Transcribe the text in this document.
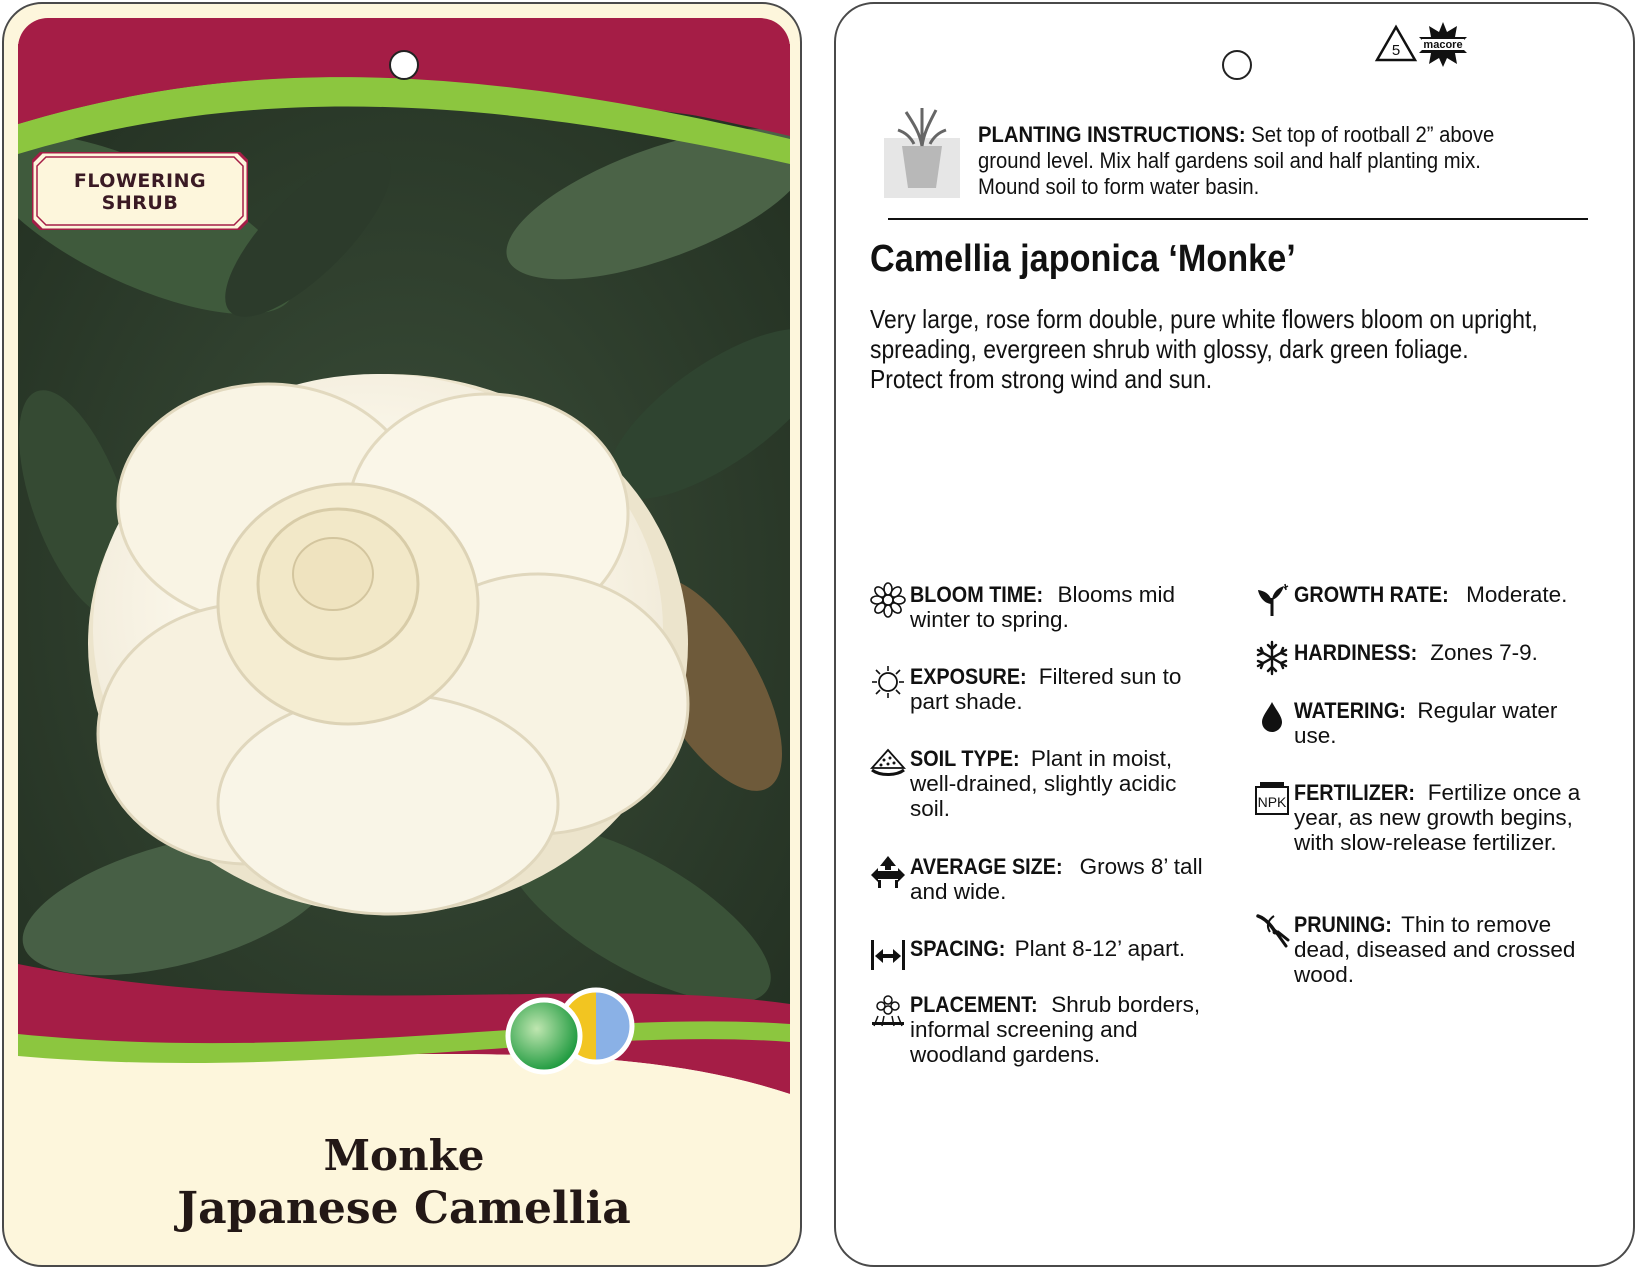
FLOWERING
SHRUB
Monke
Japanese Camellia
5 macore
PLANTING INSTRUCTIONS: Set top of rootball 2” above ground level. Mix half gardens soil and half planting mix. Mound soil to form water basin.
Camellia japonica ‘Monke’
Very large, rose form double, pure white flowers bloom on upright,
spreading, evergreen shrub with glossy, dark green foliage.
Protect from strong wind and sun.
BLOOM TIME: Blooms mid winter to spring.
EXPOSURE: Filtered sun to part shade.
SOIL TYPE: Plant in moist, well-drained, slightly acidic soil.
AVERAGE SIZE: Grows 8’ tall and wide.
SPACING: Plant 8-12’ apart.
PLACEMENT: Shrub borders, informal screening and woodland gardens.
GROWTH RATE: Moderate.
HARDINESS: Zones 7-9.
WATERING: Regular water use.
NPK FERTILIZER: Fertilize once a year, as new growth begins, with slow-release fertilizer.
PRUNING: Thin to remove dead, diseased and crossed wood.
